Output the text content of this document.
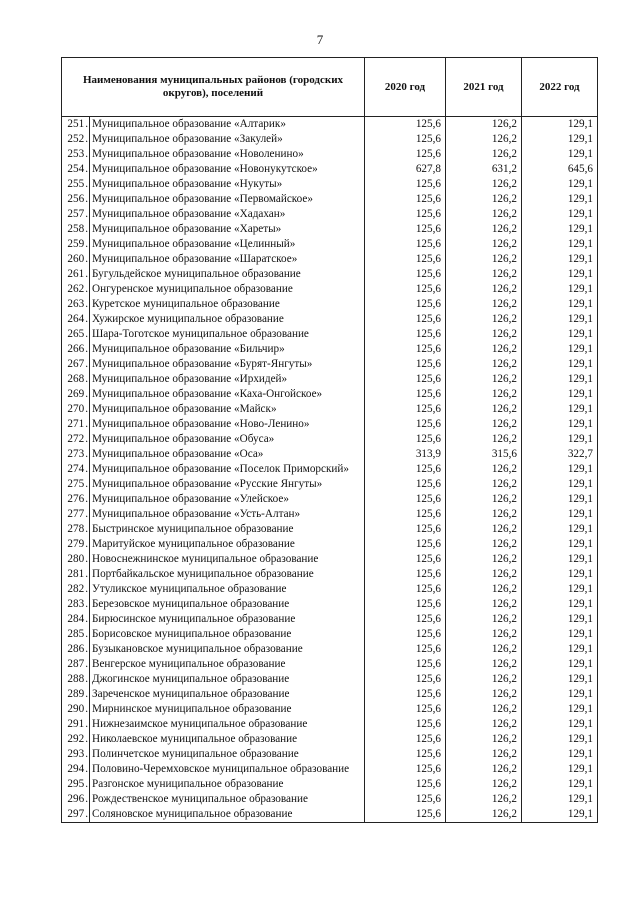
7
Наименования муниципальных районов (городских округов), поселений		2020 год	2021 год	2022 год
251.	Муниципальное образование «Алтарик»	125,6	126,2	129,1
252.	Муниципальное образование «Закулей»	125,6	126,2	129,1
253.	Муниципальное образование «Новоленино»	125,6	126,2	129,1
254.	Муниципальное образование «Новонукутское»	627,8	631,2	645,6
255.	Муниципальное образование «Нукуты»	125,6	126,2	129,1
256.	Муниципальное образование «Первомайское»	125,6	126,2	129,1
257.	Муниципальное образование «Хадахан»	125,6	126,2	129,1
258.	Муниципальное образование «Хареты»	125,6	126,2	129,1
259.	Муниципальное образование «Целинный»	125,6	126,2	129,1
260.	Муниципальное образование «Шаратское»	125,6	126,2	129,1
261.	Бугульдейское муниципальное образование	125,6	126,2	129,1
262.	Онгуренское муниципальное образование	125,6	126,2	129,1
263.	Куретское муниципальное образование	125,6	126,2	129,1
264.	Хужирское муниципальное образование	125,6	126,2	129,1
265.	Шара-Тоготское муниципальное образование	125,6	126,2	129,1
266.	Муниципальное образование «Бильчир»	125,6	126,2	129,1
267.	Муниципальное образование «Бурят-Янгуты»	125,6	126,2	129,1
268.	Муниципальное образование «Ирхидей»	125,6	126,2	129,1
269.	Муниципальное образование «Каха-Онгойское»	125,6	126,2	129,1
270.	Муниципальное образование «Майск»	125,6	126,2	129,1
271.	Муниципальное образование «Ново-Ленино»	125,6	126,2	129,1
272.	Муниципальное образование «Обуса»	125,6	126,2	129,1
273.	Муниципальное образование «Оса»	313,9	315,6	322,7
274.	Муниципальное образование «Поселок Приморский»	125,6	126,2	129,1
275.	Муниципальное образование «Русские Янгуты»	125,6	126,2	129,1
276.	Муниципальное образование «Улейское»	125,6	126,2	129,1
277.	Муниципальное образование «Усть-Алтан»	125,6	126,2	129,1
278.	Быстринское муниципальное образование	125,6	126,2	129,1
279.	Маритуйское муниципальное образование	125,6	126,2	129,1
280.	Новоснежнинское муниципальное образование	125,6	126,2	129,1
281.	Портбайкальское муниципальное образование	125,6	126,2	129,1
282.	Утуликское муниципальное образование	125,6	126,2	129,1
283.	Березовское муниципальное образование	125,6	126,2	129,1
284.	Бирюсинское муниципальное образование	125,6	126,2	129,1
285.	Борисовское муниципальное образование	125,6	126,2	129,1
286.	Бузыкановское муниципальное образование	125,6	126,2	129,1
287.	Венгерское муниципальное образование	125,6	126,2	129,1
288.	Джогинское муниципальное образование	125,6	126,2	129,1
289.	Зареченское муниципальное образование	125,6	126,2	129,1
290.	Мирнинское муниципальное образование	125,6	126,2	129,1
291.	Нижнезаимское муниципальное образование	125,6	126,2	129,1
292.	Николаевское муниципальное образование	125,6	126,2	129,1
293.	Полинчетское муниципальное образование	125,6	126,2	129,1
294.	Половино-Черемховское муниципальное образование	125,6	126,2	129,1
295.	Разгонское муниципальное образование	125,6	126,2	129,1
296.	Рождественское муниципальное образование	125,6	126,2	129,1
297.	Соляновское муниципальное образование	125,6	126,2	129,1
